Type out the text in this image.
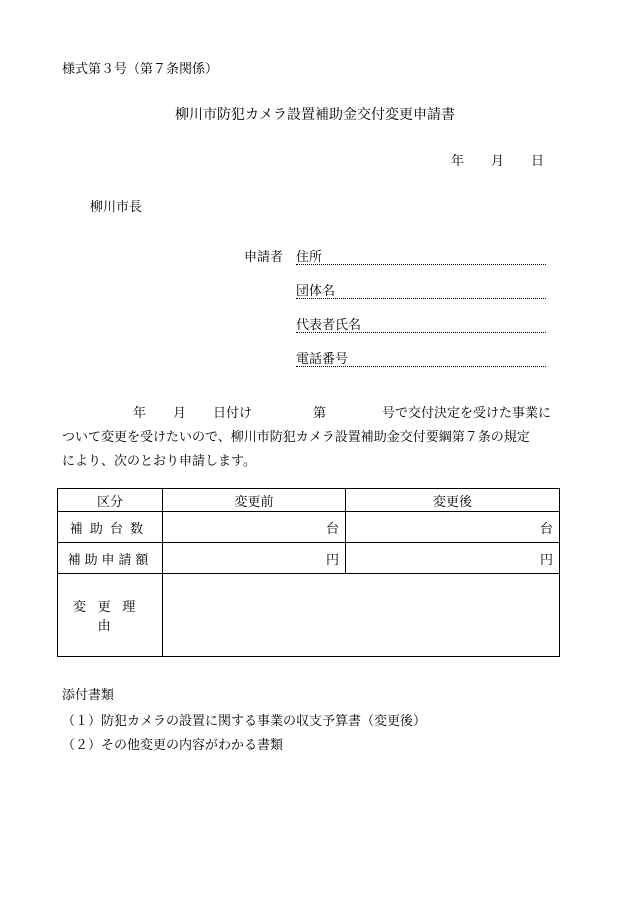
様式第３号（第７条関係）
柳川市防犯カメラ設置補助金交付変更申請書
年 月 日
柳川市長
申請者 住所
団体名
代表者氏名
電話番号
年 月 日付け	第	号で交付決定を受けた事業に
ついて変更を受けたいので、柳川市防犯カメラ設置補助金交付要綱第７条の規定
により、次のとおり申請します。
区分	変更前	変更後
補助台数	台	台
補助申請額	円	円
変更理由		
添付書類
（１）防犯カメラの設置に関する事業の収支予算書（変更後）
（２）その他変更の内容がわかる書類
